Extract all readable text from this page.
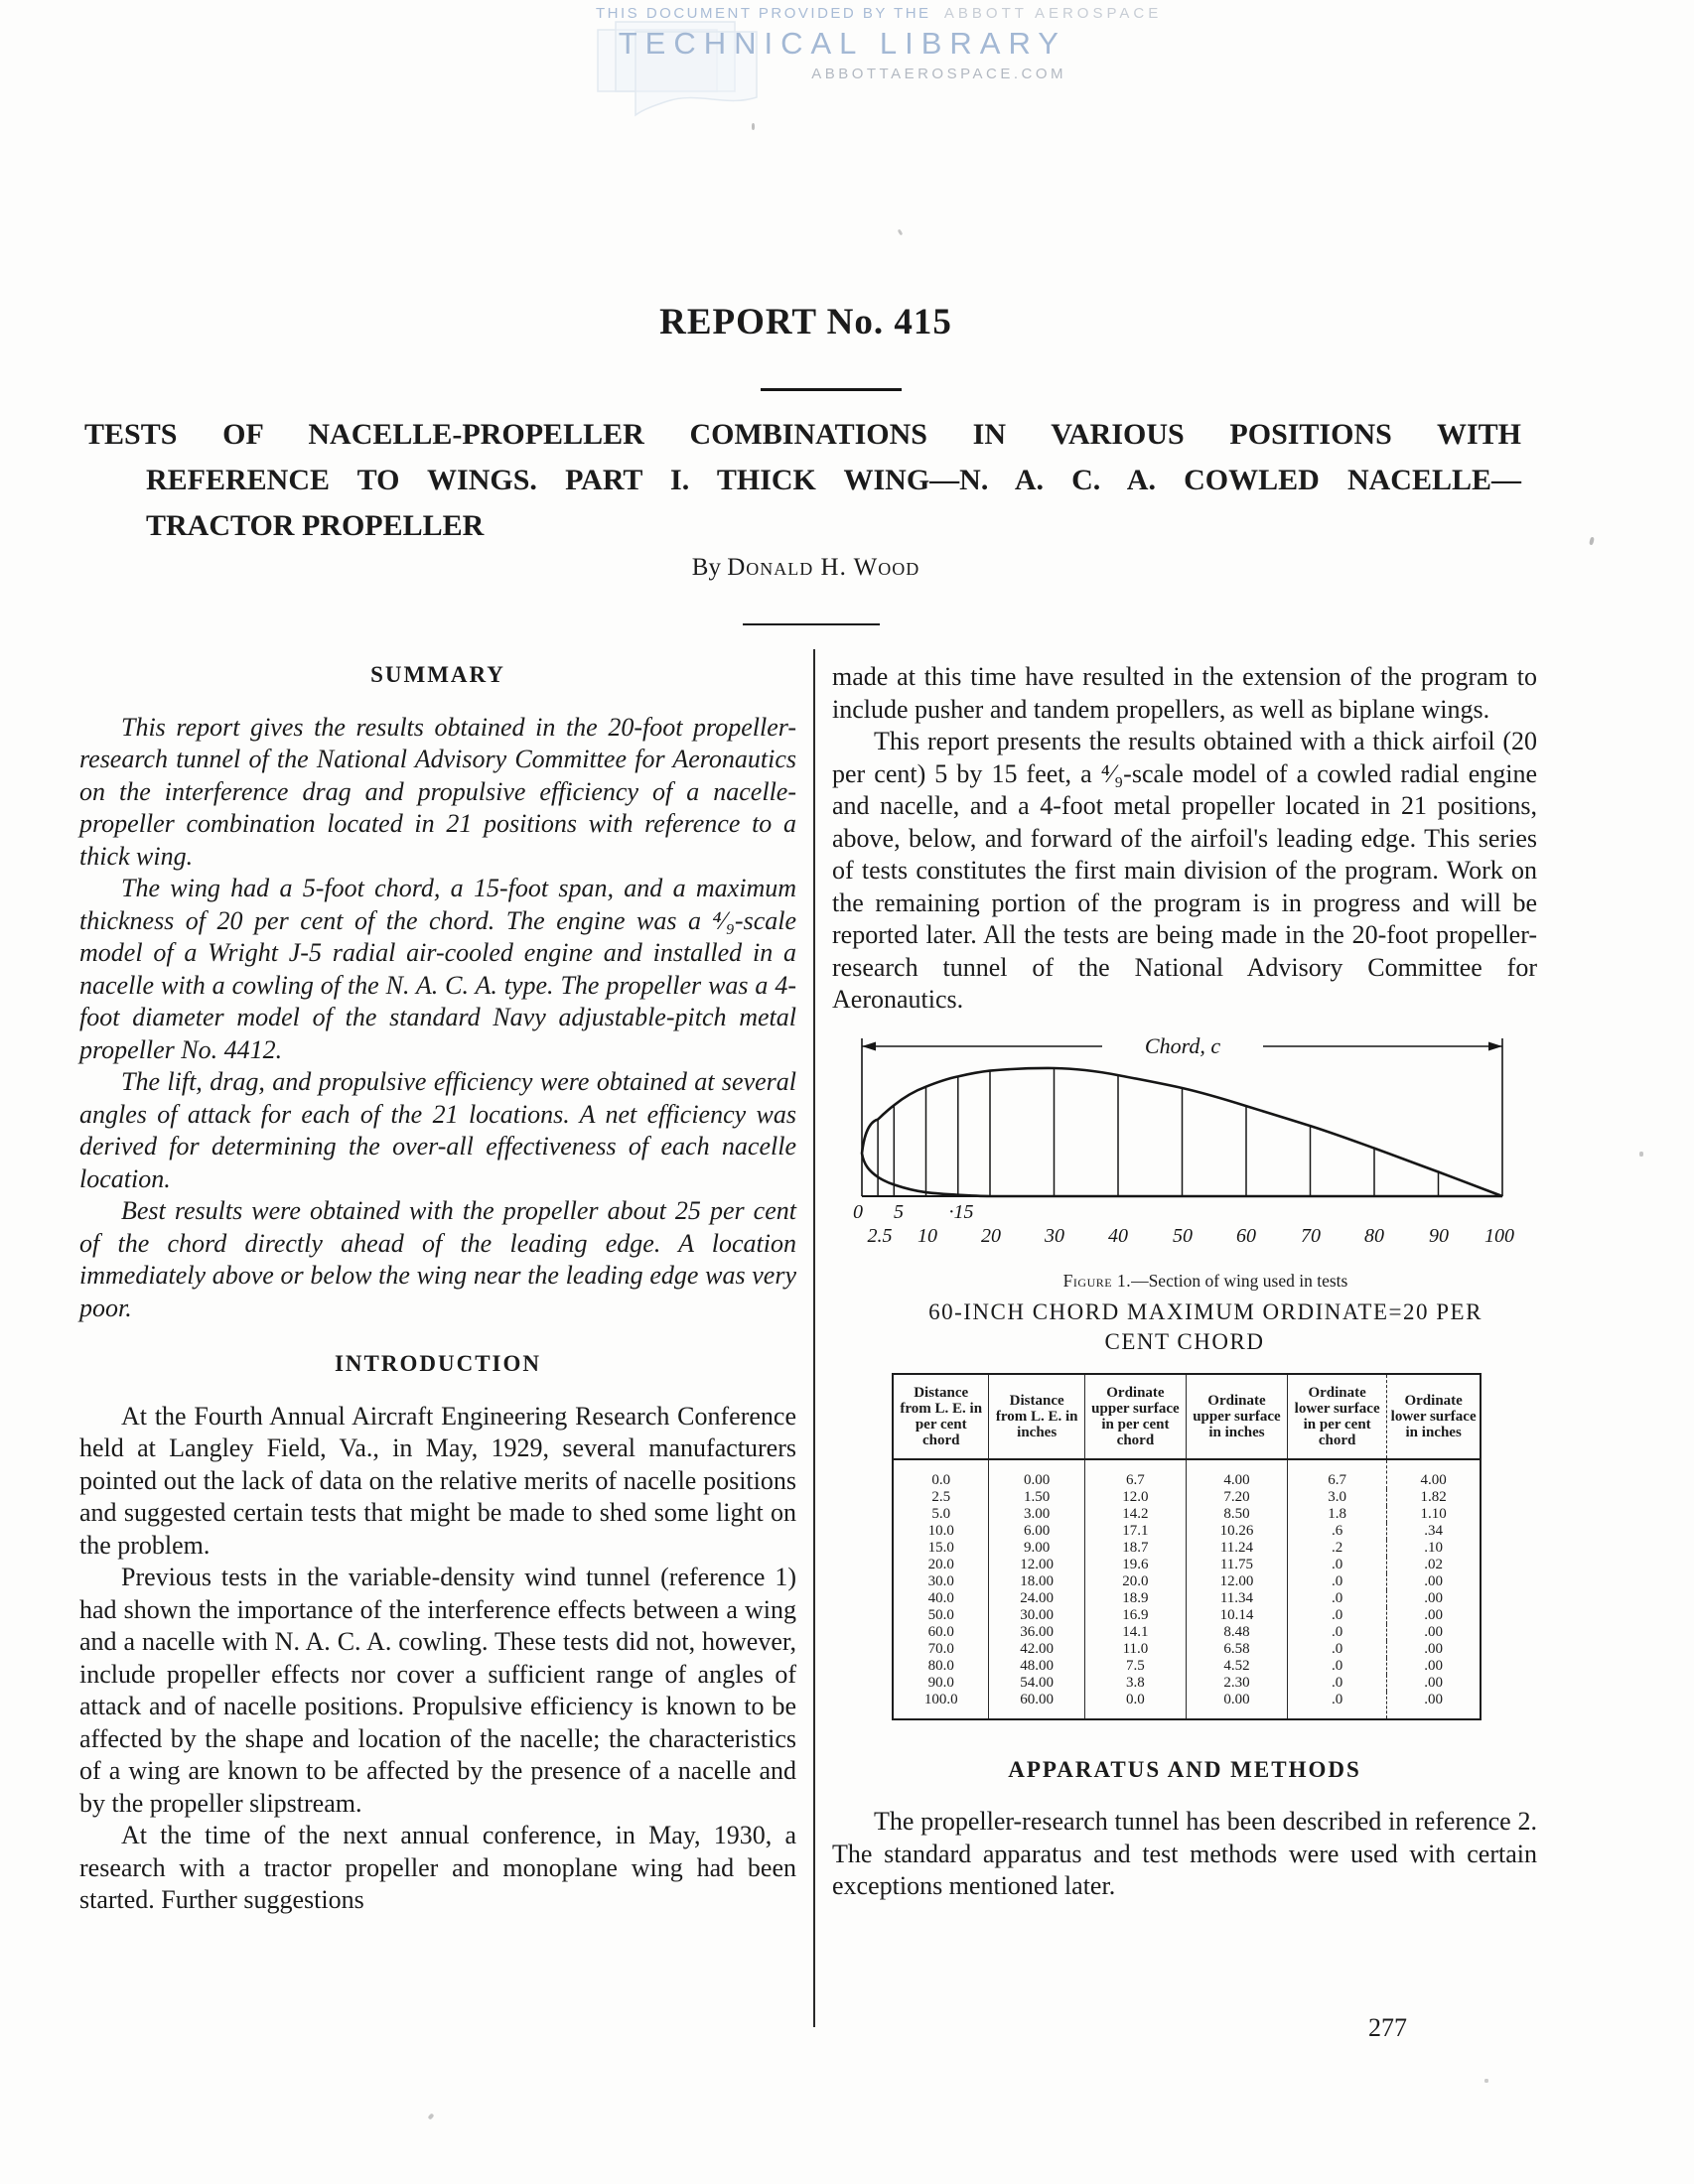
THIS DOCUMENT PROVIDED BY THE ABBOTT AEROSPACE
TECHNICAL LIBRARY
ABBOTTAEROSPACE.COM
REPORT No. 415
TESTS OF NACELLE-PROPELLER COMBINATIONS IN VARIOUS POSITIONS WITH
REFERENCE TO WINGS. PART I. THICK WING—N. A. C. A. COWLED NACELLE—
TRACTOR PROPELLER
By Donald H. Wood
SUMMARY

This report gives the results obtained in the 20-foot propeller-research tunnel of the National Advisory Committee for Aeronautics on the interference drag and propulsive efficiency of a nacelle-propeller combination located in 21 positions with reference to a thick wing.

The wing had a 5-foot chord, a 15-foot span, and a maximum thickness of 20 per cent of the chord. The engine was a ⁴⁄₉-scale model of a Wright J-5 radial air-cooled engine and installed in a nacelle with a cowling of the N. A. C. A. type. The propeller was a 4-foot diameter model of the standard Navy adjustable-pitch metal propeller No. 4412.

The lift, drag, and propulsive efficiency were obtained at several angles of attack for each of the 21 locations. A net efficiency was derived for determining the over-all effectiveness of each nacelle location.

Best results were obtained with the propeller about 25 per cent of the chord directly ahead of the leading edge. A location immediately above or below the wing near the leading edge was very poor.

INTRODUCTION

At the Fourth Annual Aircraft Engineering Research Conference held at Langley Field, Va., in May, 1929, several manufacturers pointed out the lack of data on the relative merits of nacelle positions and suggested certain tests that might be made to shed some light on the problem.

Previous tests in the variable-density wind tunnel (reference 1) had shown the importance of the interference effects between a wing and a nacelle with N. A. C. A. cowling. These tests did not, however, include propeller effects nor cover a sufficient range of angles of attack and of nacelle positions. Propulsive efficiency is known to be affected by the shape and location of the nacelle; the characteristics of a wing are known to be affected by the presence of a nacelle and by the propeller slipstream.

At the time of the next annual conference, in May, 1930, a research with a tractor propeller and monoplane wing had been started. Further suggestions

made at this time have resulted in the extension of the program to include pusher and tandem propellers, as well as biplane wings.

This report presents the results obtained with a thick airfoil (20 per cent) 5 by 15 feet, a ⁴⁄₉-scale model of a cowled radial engine and nacelle, and a 4-foot metal propeller located in 21 positions, above, below, and forward of the airfoil's leading edge. This series of tests constitutes the first main division of the program. Work on the remaining portion of the program is in progress and will be reported later. All the tests are being made in the 20-foot propeller-research tunnel of the National Advisory Committee for Aeronautics.

Chord, c
0 5 ·15
2.5 10 20 30 40 50 60 70 80 90 100

Figure 1.—Section of wing used in tests

60-INCH CHORD MAXIMUM ORDINATE=20 PER
CENT CHORD

Distance from L. E. in per cent chord	Distance from L. E. in inches	Ordinate upper surface in per cent chord	Ordinate upper surface in inches	Ordinate lower surface in per cent chord	Ordinate lower surface in inches
0.0	0.00	6.7	4.00	6.7	4.00
2.5	1.50	12.0	7.20	3.0	1.82
5.0	3.00	14.2	8.50	1.8	1.10
10.0	6.00	17.1	10.26	.6	.34
15.0	9.00	18.7	11.24	.2	.10
20.0	12.00	19.6	11.75	.0	.02
30.0	18.00	20.0	12.00	.0	.00
40.0	24.00	18.9	11.34	.0	.00
50.0	30.00	16.9	10.14	.0	.00
60.0	36.00	14.1	8.48	.0	.00
70.0	42.00	11.0	6.58	.0	.00
80.0	48.00	7.5	4.52	.0	.00
90.0	54.00	3.8	2.30	.0	.00
100.0	60.00	0.0	0.00	.0	.00
APPARATUS AND METHODS

The propeller-research tunnel has been described in reference 2. The standard apparatus and test methods were used with certain exceptions mentioned later.

277
